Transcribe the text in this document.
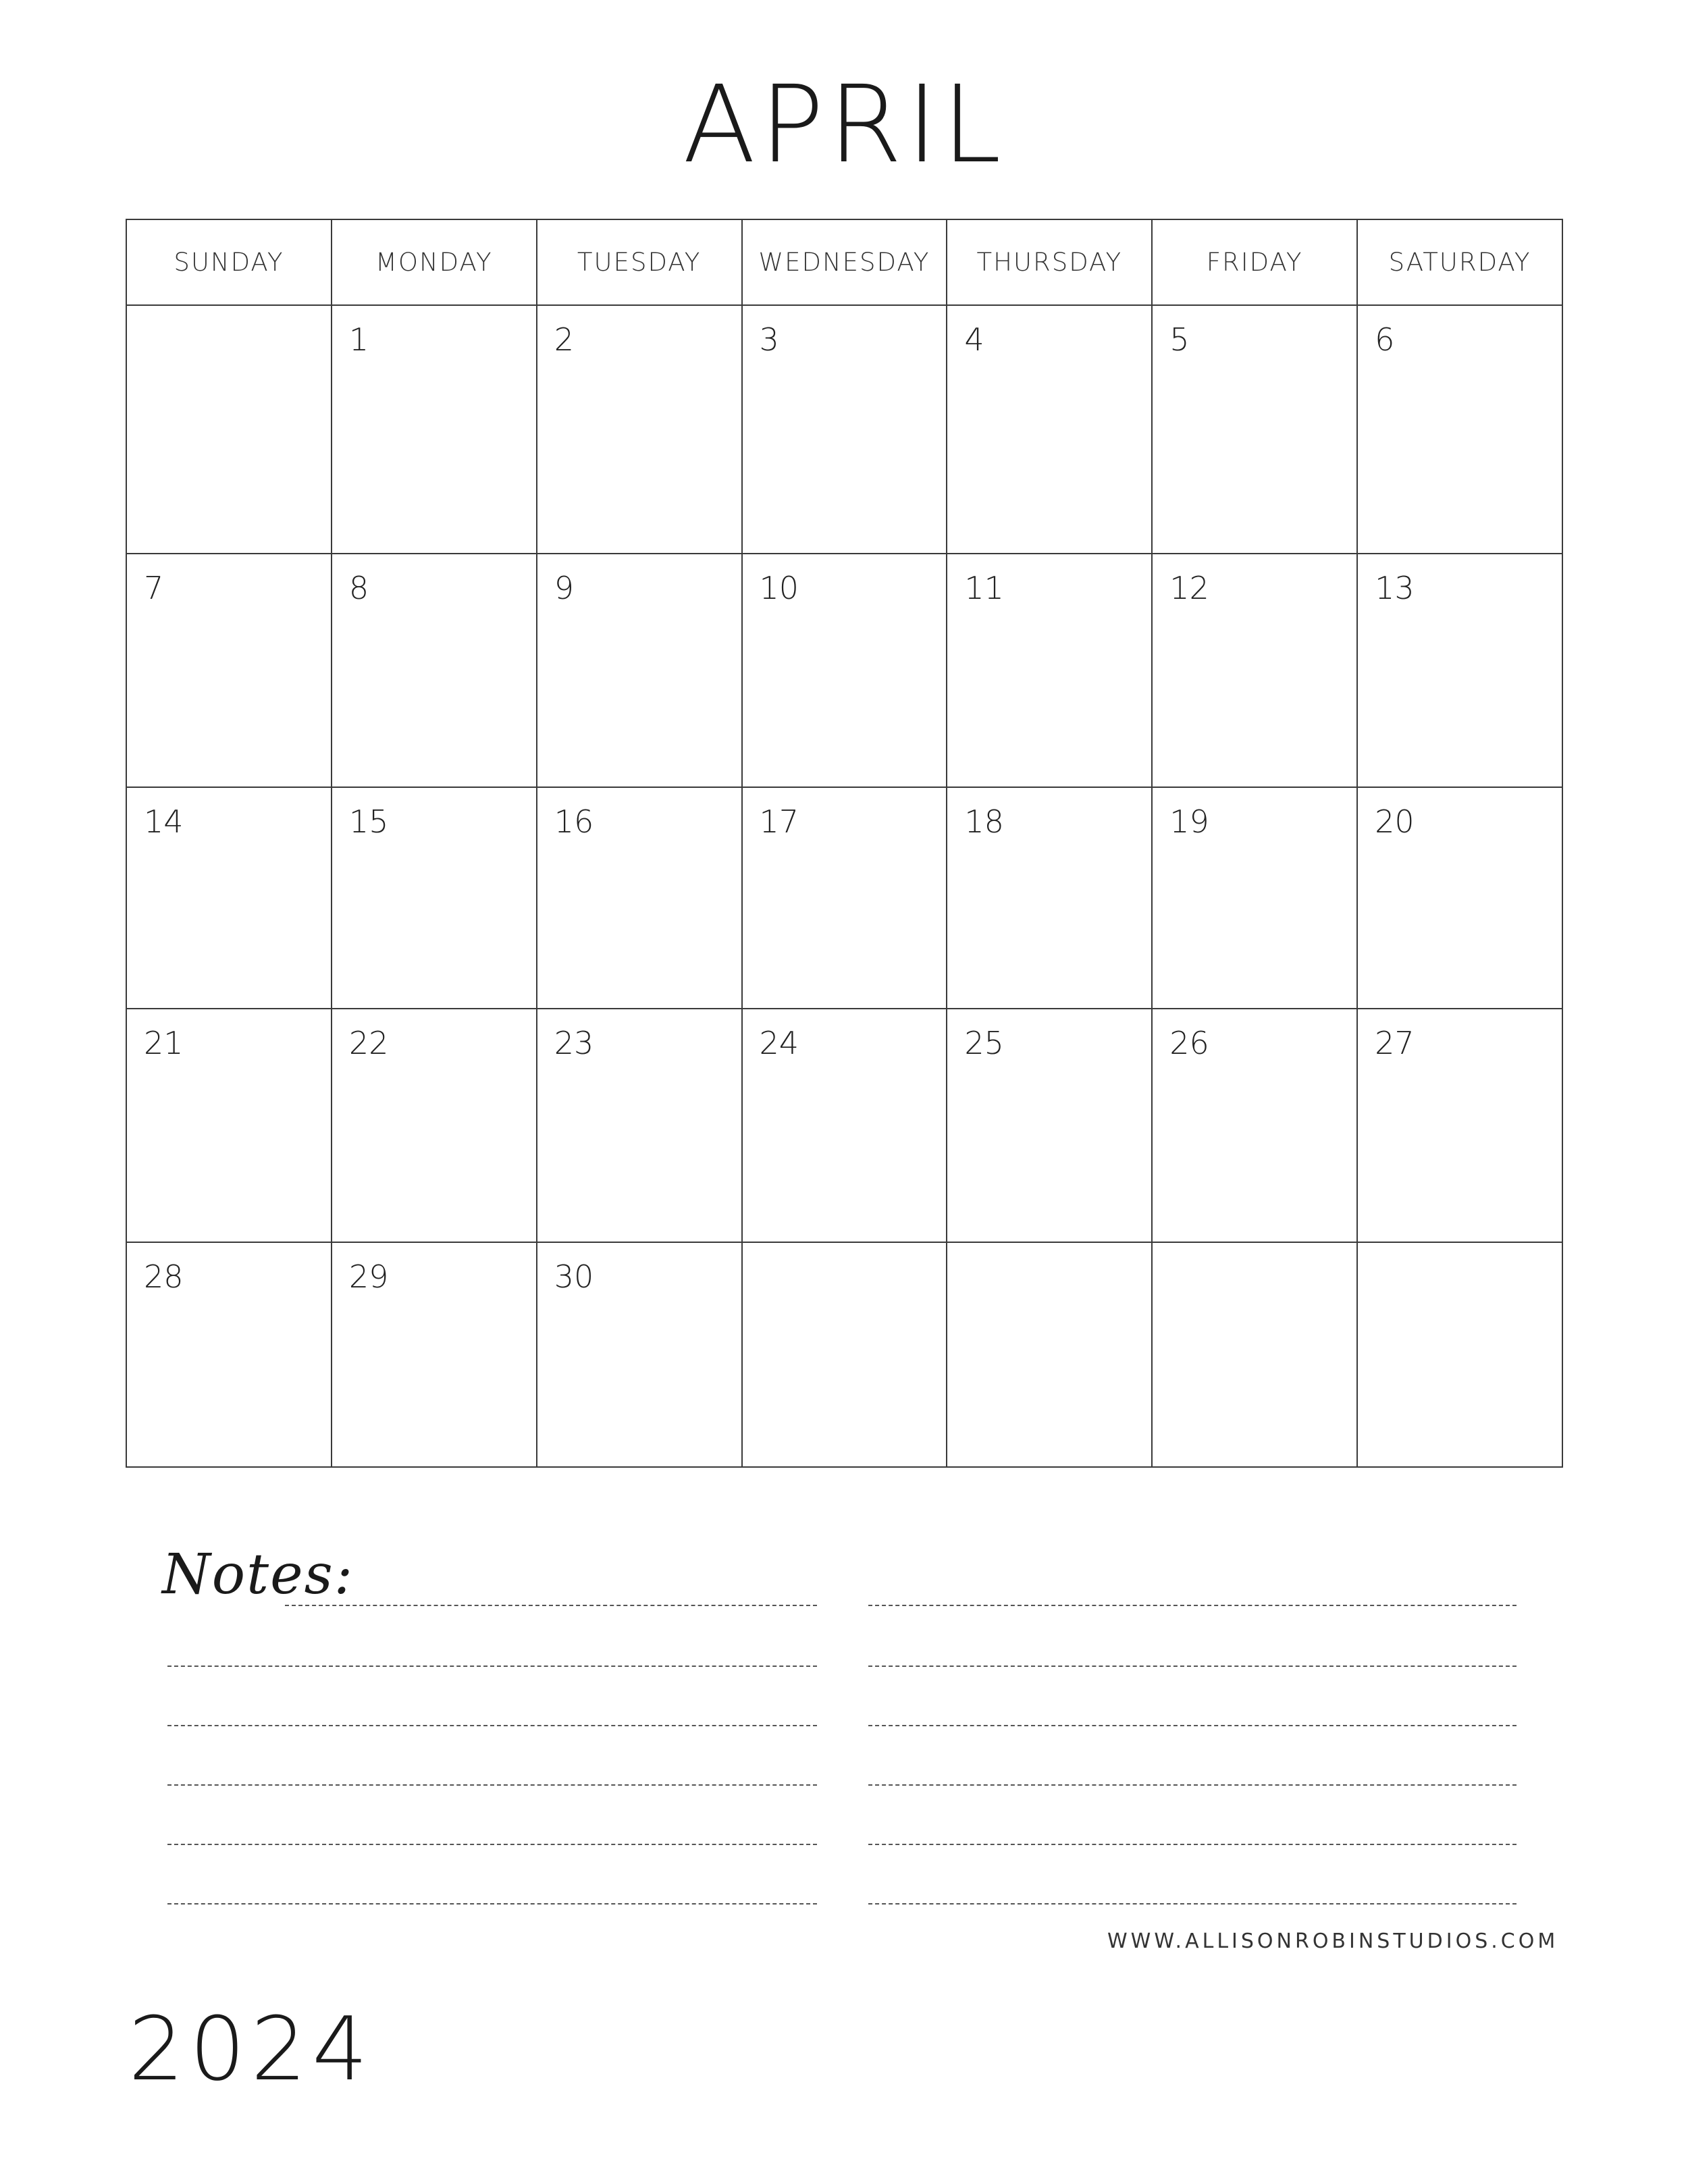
APRIL
SUNDAY	MONDAY	TUESDAY	WEDNESDAY	THURSDAY	FRIDAY	SATURDAY

	1	2	3	4	5	6

7	8	9	10	11	12	13

14	15	16	17	18	19	20

21	22	23	24	25	26	27

28	29	30				

Notes:
WWW.ALLISONROBINSTUDIOS.COM
2024
